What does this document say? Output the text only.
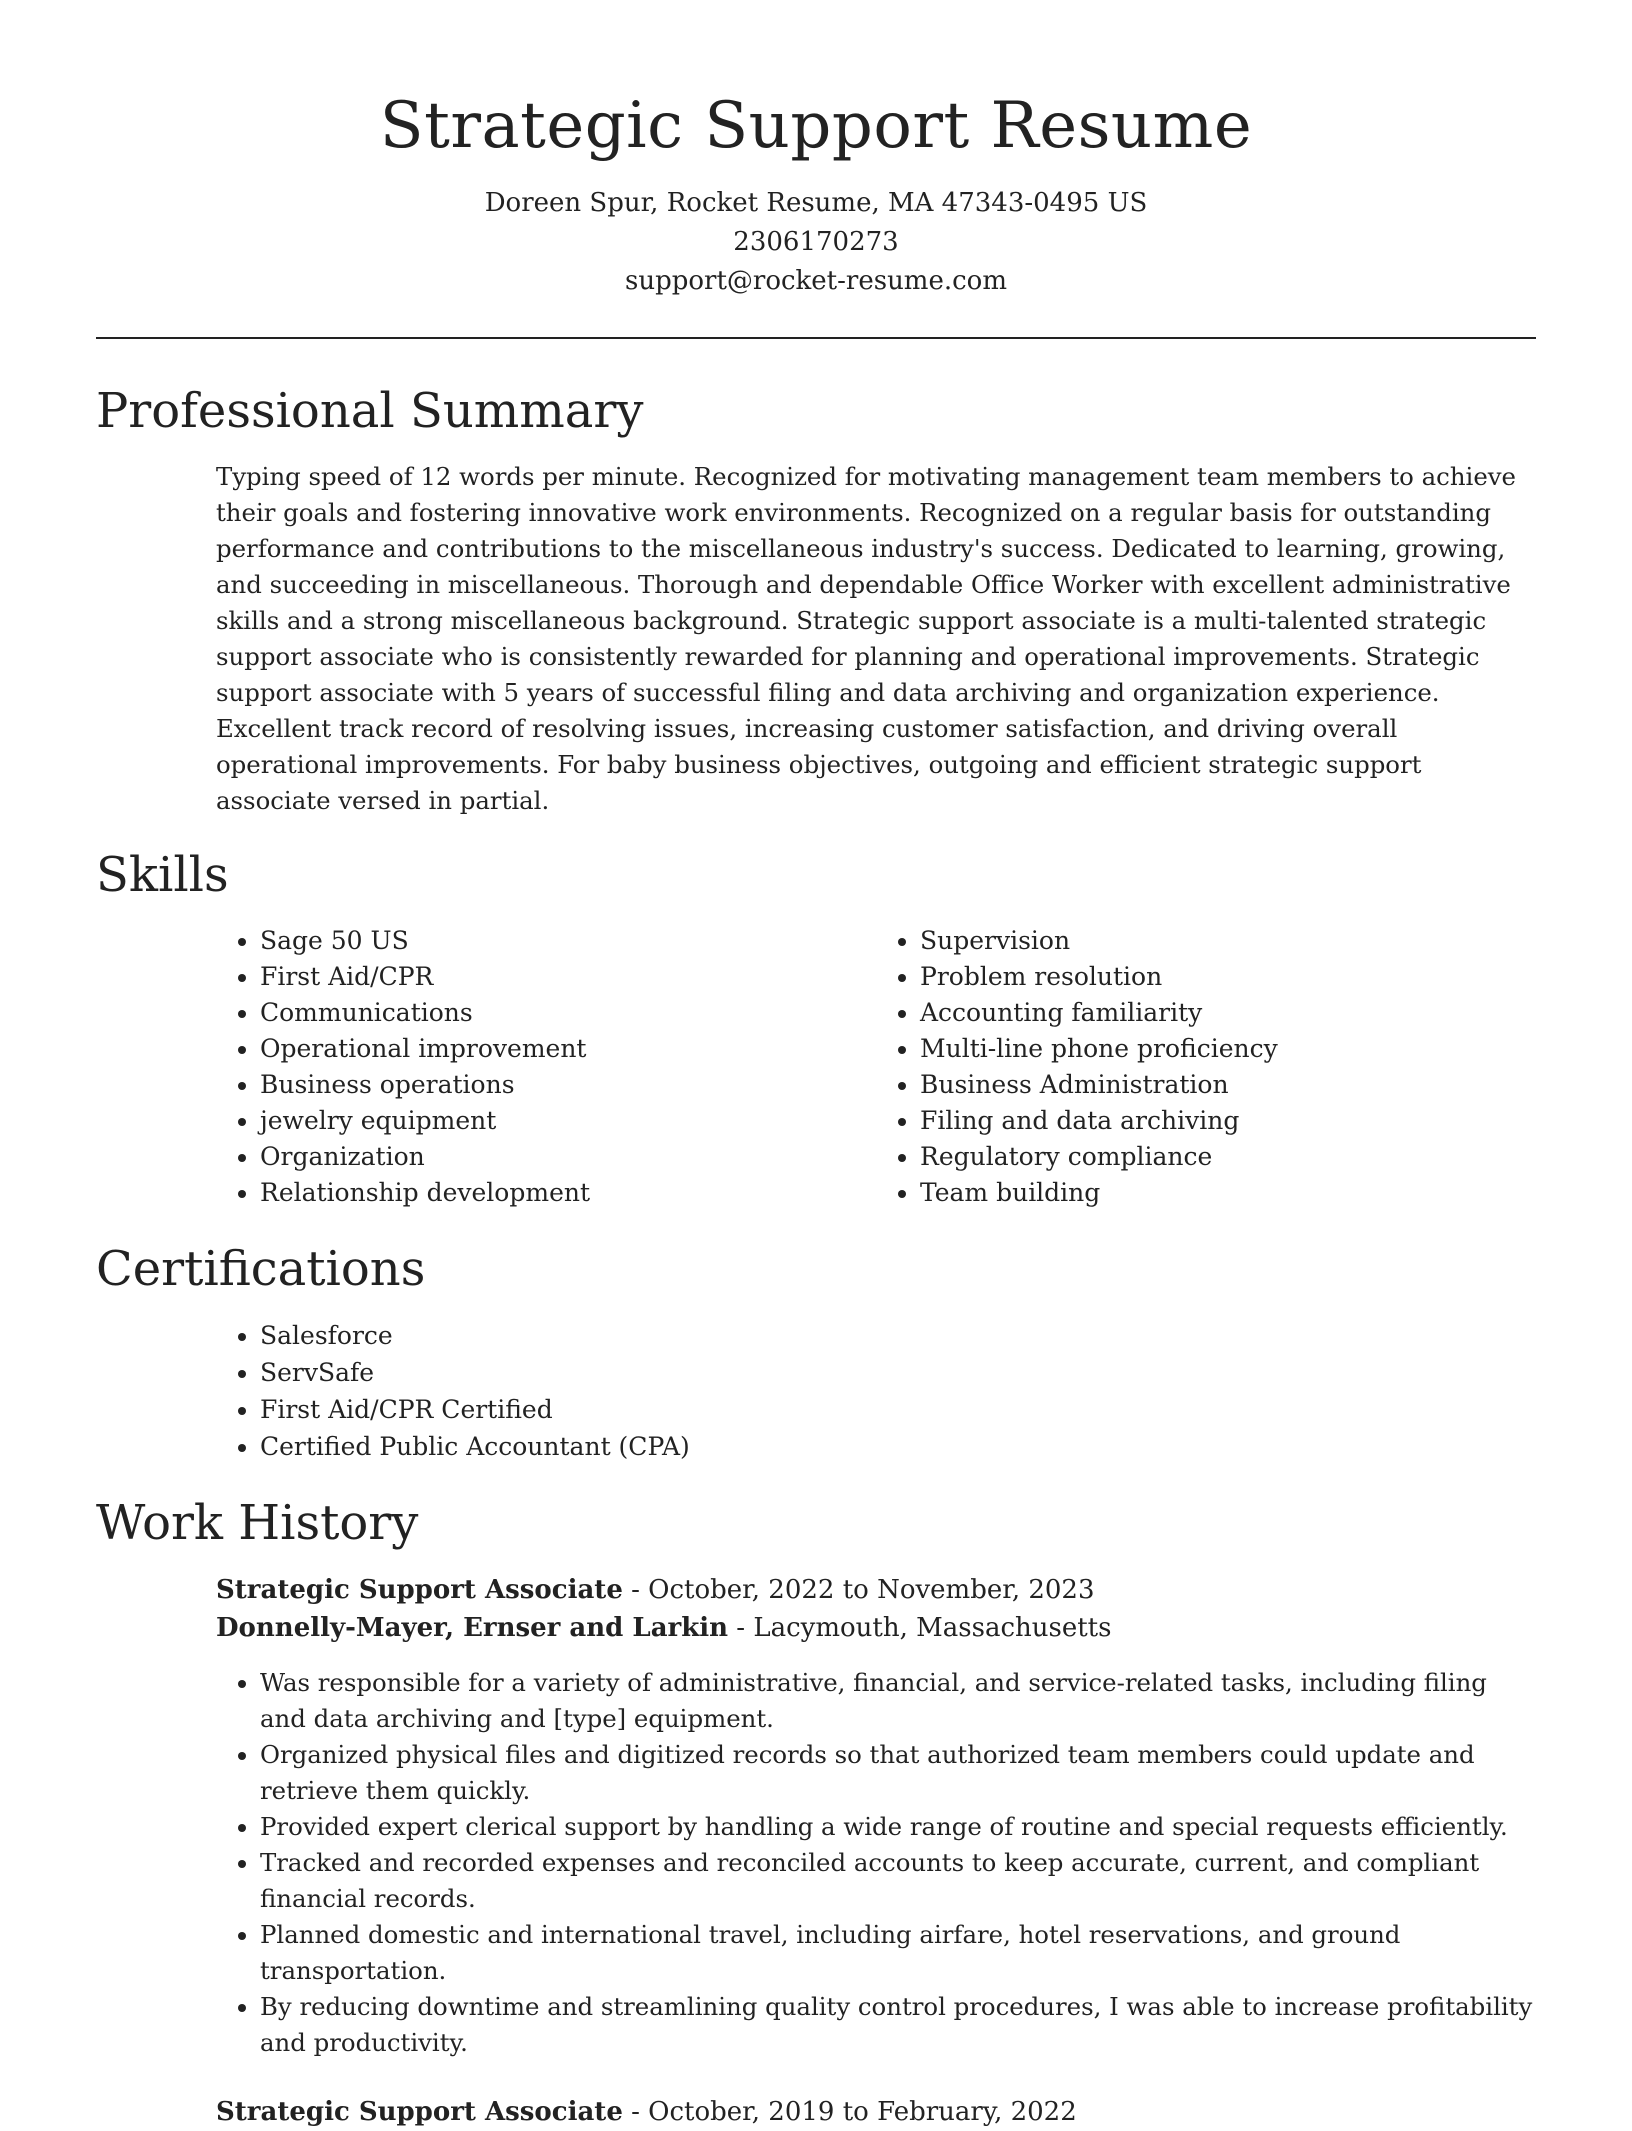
Strategic Support Resume

Doreen Spur, Rocket Resume, MA 47343-0495 US

2306170273

support@rocket-resume.com

Professional Summary

Typing speed of 12 words per minute. Recognized for motivating management team members to achieve their goals and fostering innovative work environments. Recognized on a regular basis for outstanding performance and contributions to the miscellaneous industry's success. Dedicated to learning, growing, and succeeding in miscellaneous. Thorough and dependable Office Worker with excellent administrative skills and a strong miscellaneous background. Strategic support associate is a multi-talented strategic support associate who is consistently rewarded for planning and operational improvements. Strategic support associate with 5 years of successful filing and data archiving and organization experience. Excellent track record of resolving issues, increasing customer satisfaction, and driving overall operational improvements. For baby business objectives, outgoing and efficient strategic support associate versed in partial.

Skills
• Sage 50 US
• First Aid/CPR
• Communications
• Operational improvement
• Business operations
• jewelry equipment
• Organization
• Relationship development
• Supervision
• Problem resolution
• Accounting familiarity
• Multi-line phone proficiency
• Business Administration
• Filing and data archiving
• Regulatory compliance
• Team building
Certifications
• Salesforce
• ServSafe
• First Aid/CPR Certified
• Certified Public Accountant (CPA)
Work History

Strategic Support Associate - October, 2022 to November, 2023

Donnelly-Mayer, Ernser and Larkin - Lacymouth, Massachusetts

• Was responsible for a variety of administrative, financial, and service-related tasks, including filing and data archiving and [type] equipment.
• Organized physical files and digitized records so that authorized team members could update and retrieve them quickly.
• Provided expert clerical support by handling a wide range of routine and special requests efficiently.
• Tracked and recorded expenses and reconciled accounts to keep accurate, current, and compliant financial records.
• Planned domestic and international travel, including airfare, hotel reservations, and ground transportation.
• By reducing downtime and streamlining quality control procedures, I was able to increase profitability and productivity.

Strategic Support Associate - October, 2019 to February, 2022
